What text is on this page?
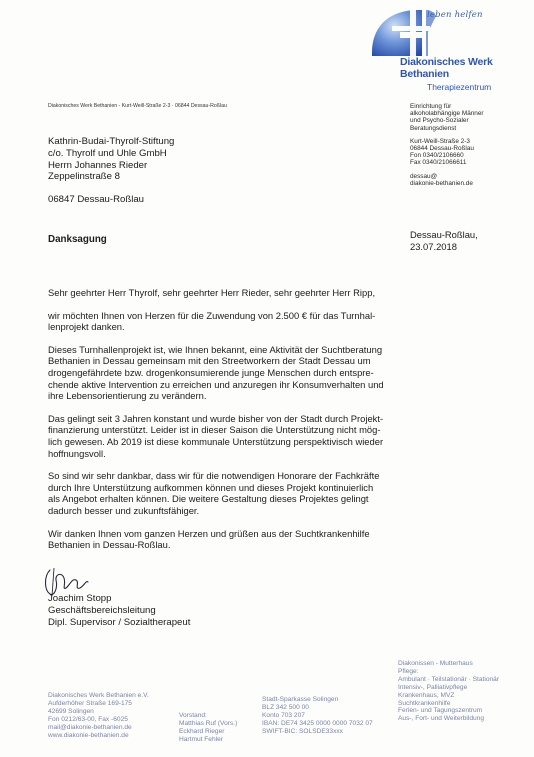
leben helfen
Diakonisches Werk
Bethanien
Therapiezentrum
Diakonisches Werk Bethanien - Kurt-Weill-Straße 2-3 · 06844 Dessau-Roßlau	Einrichtung für
alkoholabhängige Männer
und Psycho-Sozialer
Beratungsdienst
Kurt-Weill-Straße 2-3
06844 Dessau-Roßlau
Fon 0340/2106660
Fax 0340/21066611
dessau@
diakonie-bethanien.de
Kathrin-Budai-Thyrolf-Stiftung
c/o. Thyrolf und Uhle GmbH
Herrn Johannes Rieder
Zeppelinstraße 8
06847 Dessau-Roßlau
Danksagung	Dessau-Roßlau,
23.07.2018
Sehr geehrter Herr Thyrolf, sehr geehrter Herr Rieder, sehr geehrter Herr Ripp,
wir möchten Ihnen von Herzen für die Zuwendung von 2.500 € für das Turnhal-
lenprojekt danken.
Dieses Turnhallenprojekt ist, wie Ihnen bekannt, eine Aktivität der Suchtberatung
Bethanien in Dessau gemeinsam mit den Streetworkern der Stadt Dessau um
drogengefährdete bzw. drogenkonsumierende junge Menschen durch entspre-
chende aktive Intervention zu erreichen und anzuregen ihr Konsumverhalten und
ihre Lebensorientierung zu verändern.
Das gelingt seit 3 Jahren konstant und wurde bisher von der Stadt durch Projekt-
finanzierung unterstützt. Leider ist in dieser Saison die Unterstützung nicht mög-
lich gewesen. Ab 2019 ist diese kommunale Unterstützung perspektivisch wieder
hoffnungsvoll.
So sind wir sehr dankbar, dass wir für die notwendigen Honorare der Fachkräfte
durch Ihre Unterstützung aufkommen können und dieses Projekt kontinuierlich
als Angebot erhalten können. Die weitere Gestaltung dieses Projektes gelingt
dadurch besser und zukunftsfähiger.
Wir danken Ihnen vom ganzen Herzen und grüßen aus der Suchtkrankenhilfe
Bethanien in Dessau-Roßlau.
Joachim Stopp
Geschäftsbereichsleitung
Dipl. Supervisor / Sozialtherapeut
Diakonisches Werk Bethanien e.V.
Aufderhöher Straße 169-175
42699 Solingen
Fon 0212/63-00, Fax -6025
mail@diakonie-bethanien.de
www.diakonie-bethanien.de
Vorstand:
Matthias Ruf (Vors.)
Eckhard Rieger
Hartmut Fehler
Stadt-Sparkasse Solingen
BLZ 342 500 00
Konto 703 207
IBAN: DE74 3425 0000 0000 7032 07
SWIFT-BIC: SOLSDE33xxx
Diakonissen - Mutterhaus
Pflege:
Ambulant · Teilstationär · Stationär
Intensiv-, Palliativpflege
Krankenhaus, MVZ
Suchtkrankenhilfe
Ferien- und Tagungszentrum
Aus-, Fort- und Weiterbildung
